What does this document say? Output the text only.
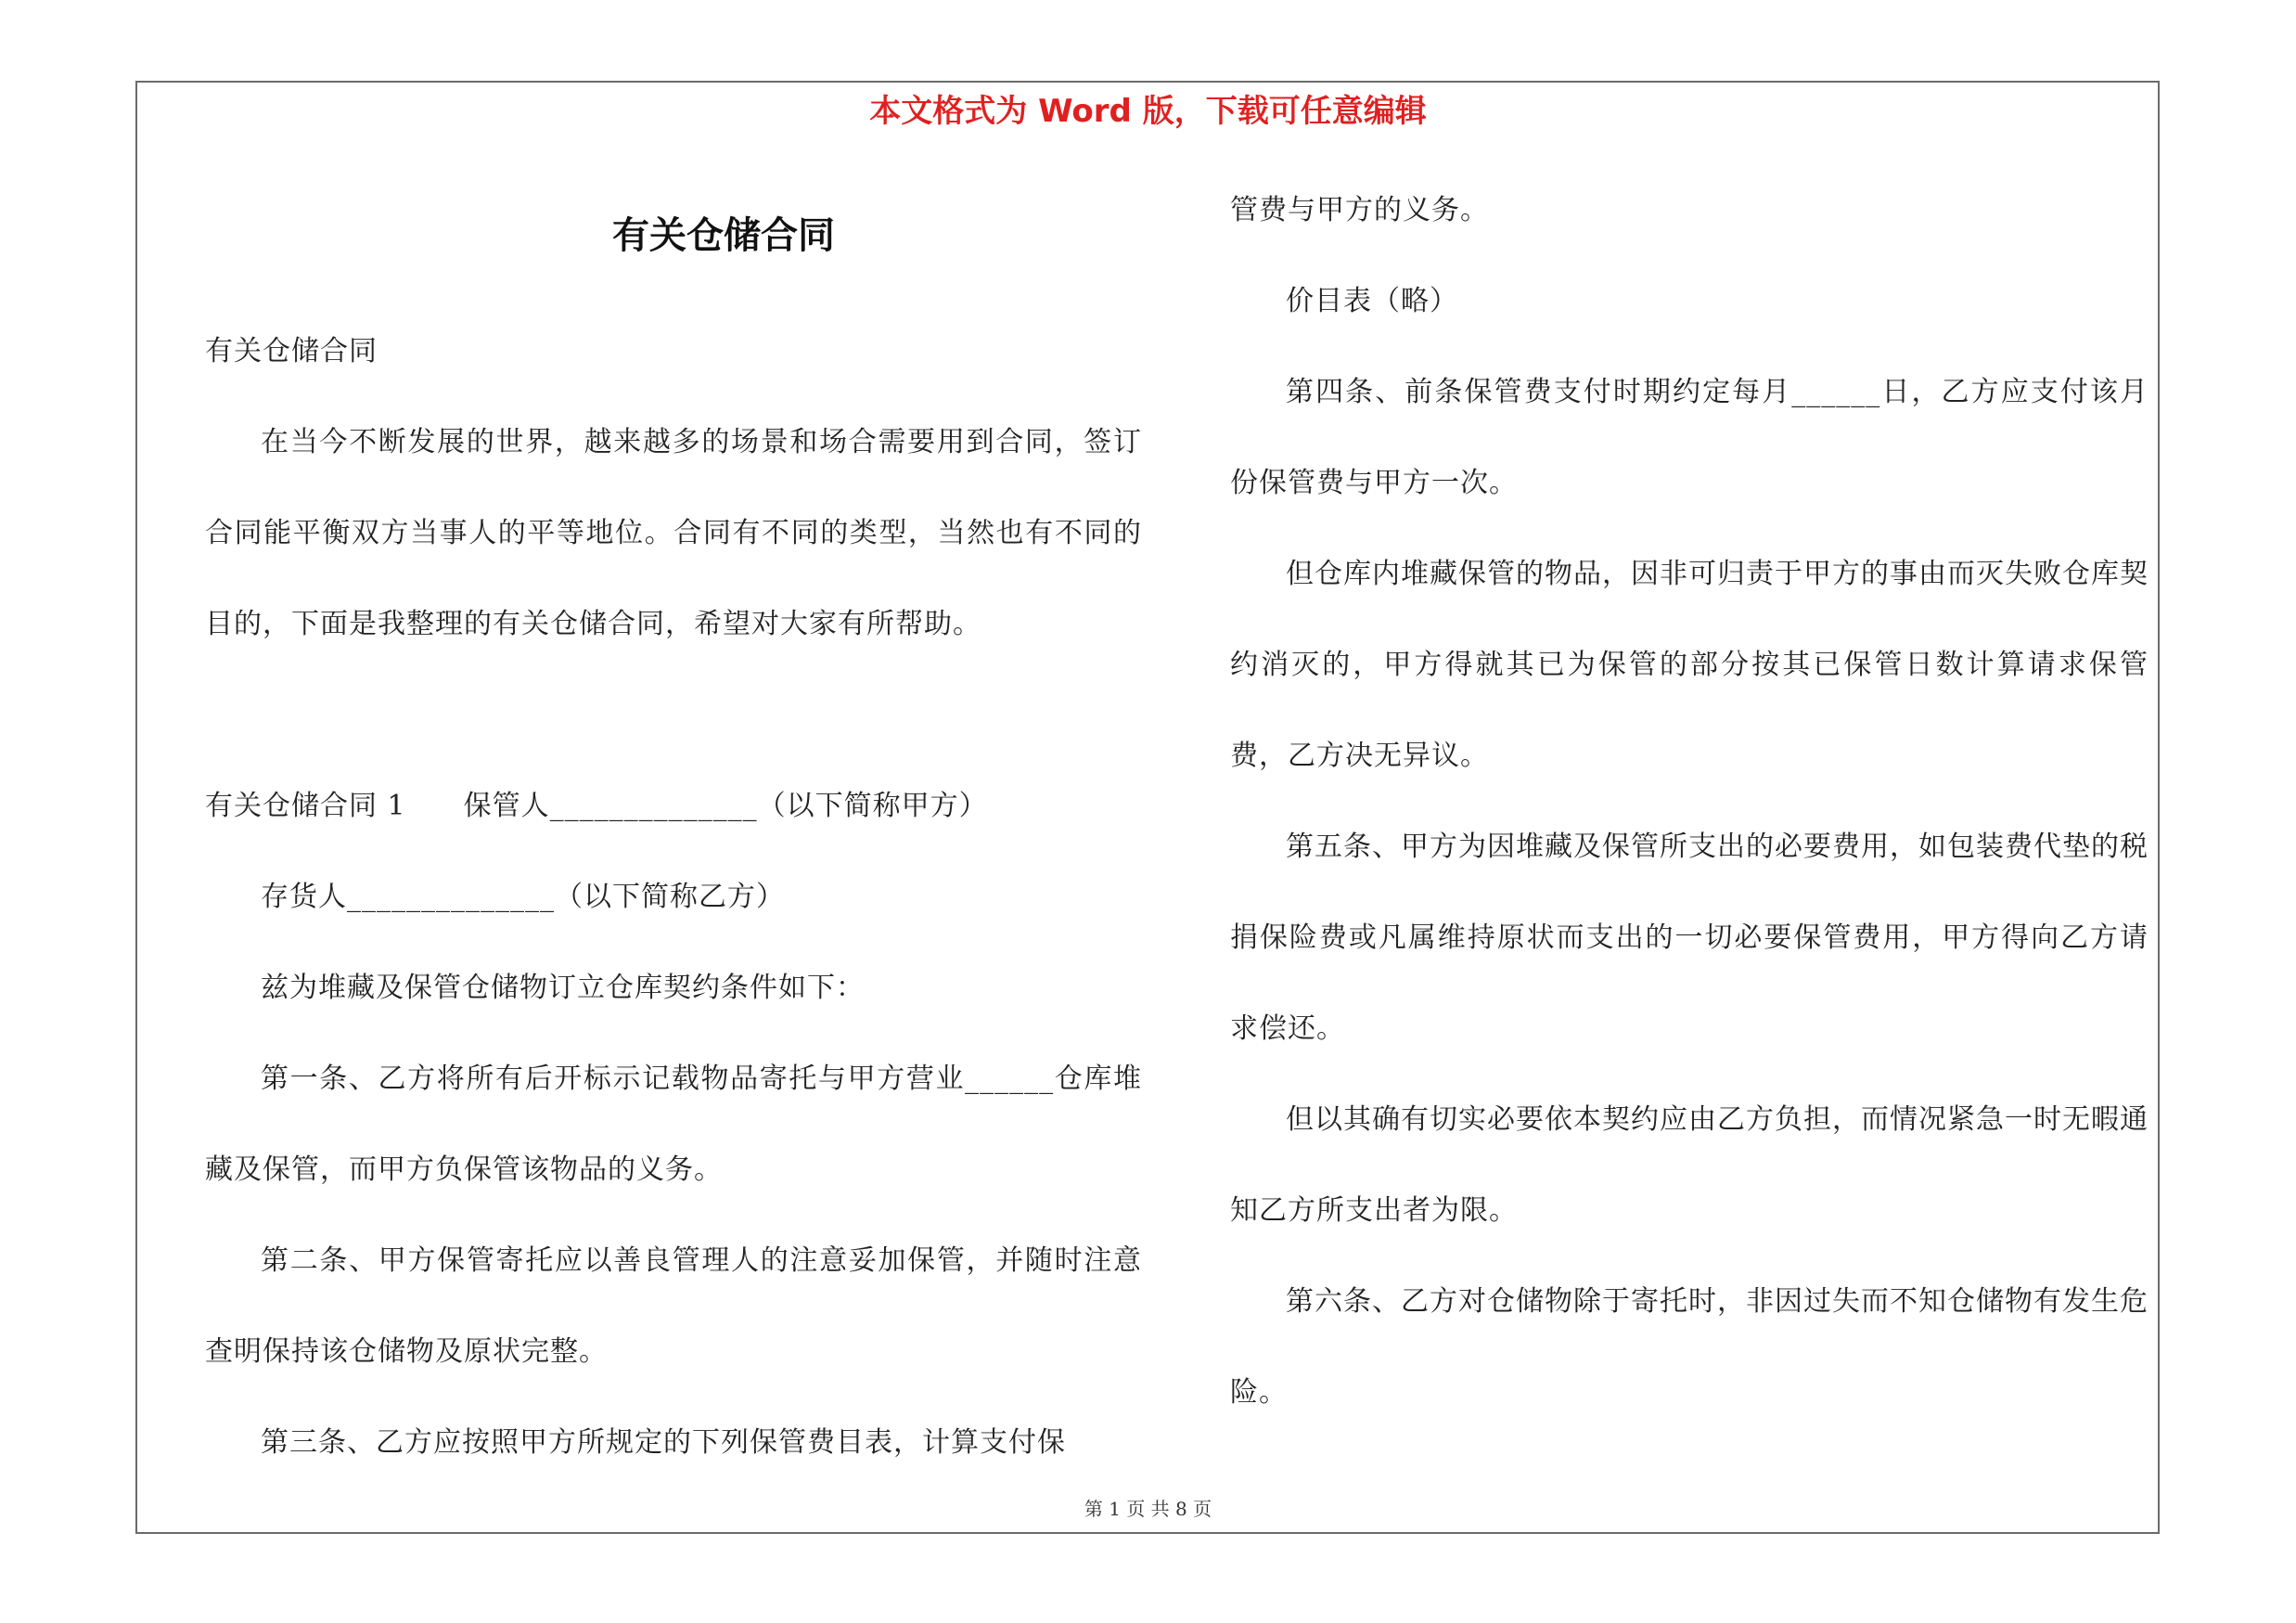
本文格式为 Word 版，下载可任意编辑
有关仓储合同

有关仓储合同

在当今不断发展的世界，越来越多的场景和场合需要用到合同，签订合同能平衡双方当事人的平等地位。合同有不同的类型，当然也有不同的目的，下面是我整理的有关仓储合同，希望对大家有所帮助。

有关仓储合同 1　　保管人______________（以下简称甲方）

存货人______________（以下简称乙方）

兹为堆藏及保管仓储物订立仓库契约条件如下：

第一条、乙方将所有后开标示记载物品寄托与甲方营业______仓库堆藏及保管，而甲方负保管该物品的义务。

第二条、甲方保管寄托应以善良管理人的注意妥加保管，并随时注意查明保持该仓储物及原状完整。

第三条、乙方应按照甲方所规定的下列保管费目表，计算支付保

管费与甲方的义务。

价目表（略）

第四条、前条保管费支付时期约定每月______日，乙方应支付该月份保管费与甲方一次。

但仓库内堆藏保管的物品，因非可归责于甲方的事由而灭失败仓库契约消灭的，甲方得就其已为保管的部分按其已保管日数计算请求保管费，乙方决无异议。

第五条、甲方为因堆藏及保管所支出的必要费用，如包装费代垫的税捐保险费或凡属维持原状而支出的一切必要保管费用，甲方得向乙方请求偿还。

但以其确有切实必要依本契约应由乙方负担，而情况紧急一时无暇通知乙方所支出者为限。

第六条、乙方对仓储物除于寄托时，非因过失而不知仓储物有发生危险。

第 1 页 共 8 页
